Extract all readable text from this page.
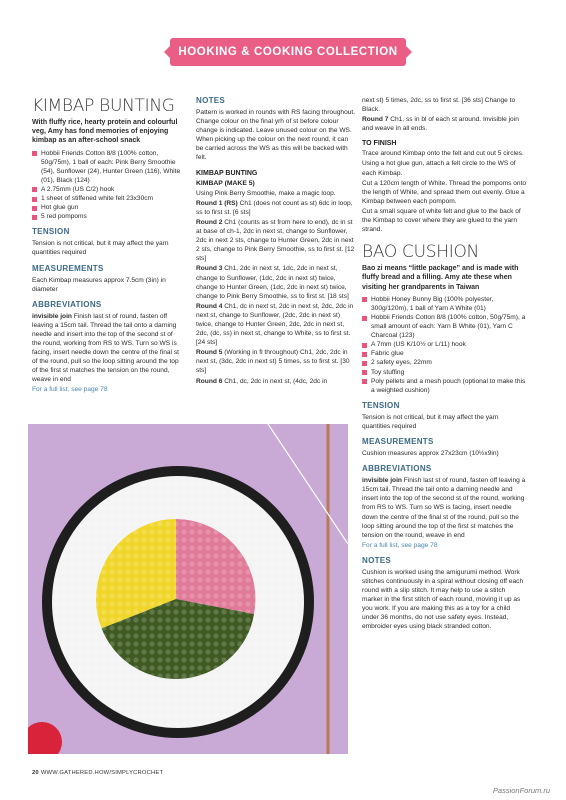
HOOKING & COOKING COLLECTION
KIMBAP BUNTING
With fluffy rice, hearty protein and colourful veg, Amy has fond memories of enjoying kimbap as an after-school snack
Hobbii Friends Cotton 8/8 (100% cotton, 50g/75m), 1 ball of each: Pink Berry Smoothie (54), Sunflower (24), Hunter Green (116), White (01), Black (124)
A 2.75mm (US C/2) hook
1 sheet of stiffened white felt 23x30cm
Hot glue gun
5 red pompoms
TENSION

Tension is not critical, but it may affect the yarn quantities required

MEASUREMENTS

Each Kimbap measures approx 7.5cm (3in) in diameter

ABBREVIATIONS

invisible join Finish last st of round, fasten off leaving a 15cm tail. Thread the tail onto a darning needle and insert into the top of the second st of the round, working from RS to WS. Turn so WS is facing, insert needle down the centre of the final st of the round, pull so the loop sitting around the top of the first st matches the tension on the round, weave in end

For a full list, see page 78

NOTES

Pattern is worked in rounds with RS facing throughout. Change colour on the final yrh of st before colour change is indicated. Leave unused colour on the WS. When picking up the colour on the next round, it can be carried across the WS as this will be backed with felt.

KIMBAP BUNTING
KIMBAP (MAKE 5)

Using Pink Berry Smoothie, make a magic loop.

Round 1 (RS) Ch1 (does not count as st) 6dc in loop, ss to first st. [6 sts]

Round 2 Ch1 (counts as st from here to end), dc in st at base of ch-1, 2dc in next st, change to Sunflower, 2dc in next 2 sts, change to Hunter Green, 2dc in next 2 sts, change to Pink Berry Smoothie, ss to first st. [12 sts]

Round 3 Ch1, 2dc in next st, 1dc, 2dc in next st, change to Sunflower, (1dc, 2dc in next st) twice, change to Hunter Green, (1dc, 2dc in next st) twice, change to Pink Berry Smoothie, ss to first st. [18 sts]

Round 4 Ch1, dc in next st, 2dc in next st, 2dc, 2dc in next st, change to Sunflower, (2dc, 2dc in next st) twice, change to Hunter Green, 2dc, 2dc in next st, 2dc, (dc, ss) in next st, change to White, ss to first st. [24 sts]

Round 5 (Working in fl throughout) Ch1, 2dc, 2dc in next st, (3dc, 2dc in next st) 5 times, ss to first st. [30 sts]

Round 6 Ch1, dc, 2dc in next st, (4dc, 2dc in

next st) 5 times, 2dc, ss to first st. [36 sts] Change to Black.

Round 7 Ch1, ss in bl of each st around. Invisible join and weave in all ends.

TO FINISH

Trace around Kimbap onto the felt and cut out 5 circles.

Using a hot glue gun, attach a felt circle to the WS of each Kimbap.

Cut a 120cm length of White. Thread the pompoms onto the length of White, and spread them out evenly. Glue a Kimbap between each pompom.

Cut a small square of white felt and glue to the back of the Kimbap to cover where they are glued to the yarn strand.

BAO CUSHION
Bao zi means “little package” and is made with fluffy bread and a filling. Amy ate these when visiting her grandparents in Taiwan
Hobbii Honey Bunny Big (100% polyester, 300g/120m), 1 ball of Yarn A White (01)
Hobbii Friends Cotton 8/8 (100% cotton, 50g/75m), a small amount of each: Yarn B White (01), Yarn C Charcoal (123)
A 7mm (US K/10½ or L/11) hook
Fabric glue
2 safety eyes, 22mm
Toy stuffing
Poly pellets and a mesh pouch (optional to make this a weighted cushion)
TENSION

Tension is not critical, but it may affect the yarn quantities required

MEASUREMENTS

Cushion measures approx 27x23cm (10½x9in)

ABBREVIATIONS

invisible join Finish last st of round, fasten off leaving a 15cm tail. Thread the tail onto a darning needle and insert into the top of the second st of the round, working from RS to WS. Turn so WS is facing, insert needle down the centre of the final st of the round, pull so the loop sitting around the top of the first st matches the tension on the round, weave in end

For a full list, see page 78

NOTES

Cushion is worked using the amigurumi method. Work stitches continuously in a spiral without closing off each round with a slip stitch. It may help to use a stitch marker in the first stitch of each round, moving it up as you work. If you are making this as a toy for a child under 36 months, do not use safety eyes. Instead, embroider eyes using black stranded cotton.

20 WWW.GATHERED.HOW/SIMPLYCROCHET
PassionForum.ru
